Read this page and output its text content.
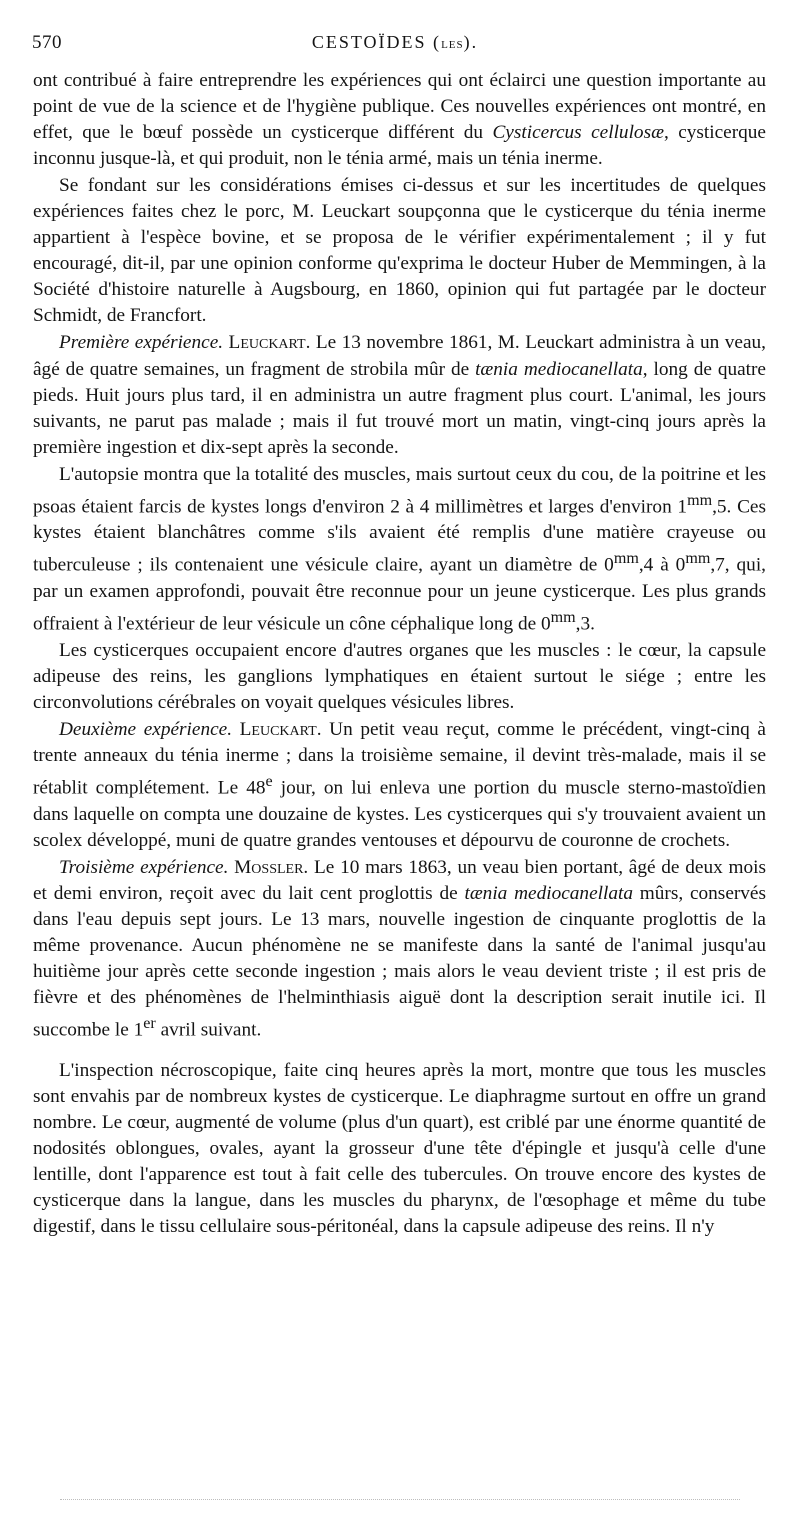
570	CESTOÏDES (les).

ont contribué à faire entreprendre les expériences qui ont éclairci une question importante au point de vue de la science et de l'hygiène publique. Ces nouvelles expériences ont montré, en effet, que le bœuf possède un cysticerque différent du Cysticercus cellulosæ, cysticerque inconnu jusque-là, et qui produit, non le ténia armé, mais un ténia inerme.

Se fondant sur les considérations émises ci-dessus et sur les incertitudes de quelques expériences faites chez le porc, M. Leuckart soupçonna que le cysticerque du ténia inerme appartient à l'espèce bovine, et se proposa de le vérifier expérimentalement ; il y fut encouragé, dit-il, par une opinion conforme qu'exprima le docteur Huber de Memmingen, à la Société d'histoire naturelle à Augsbourg, en 1860, opinion qui fut partagée par le docteur Schmidt, de Francfort.

Première expérience. Leuckart. Le 13 novembre 1861, M. Leuckart administra à un veau, âgé de quatre semaines, un fragment de strobila mûr de tænia mediocanellata, long de quatre pieds. Huit jours plus tard, il en administra un autre fragment plus court. L'animal, les jours suivants, ne parut pas malade ; mais il fut trouvé mort un matin, vingt-cinq jours après la première ingestion et dix-sept après la seconde.

L'autopsie montra que la totalité des muscles, mais surtout ceux du cou, de la poitrine et les psoas étaient farcis de kystes longs d'environ 2 à 4 millimètres et larges d'environ $1^{mm},5$. Ces kystes étaient blanchâtres comme s'ils avaient été remplis d'une matière crayeuse ou tuberculeuse ; ils contenaient une vésicule claire, ayant un diamètre de $0^{mm},4$ à $0^{mm},7$, qui, par un examen approfondi, pouvait être reconnue pour un jeune cysticerque. Les plus grands offraient à l'extérieur de leur vésicule un cône céphalique long de $0^{mm},3$.

Les cysticerques occupaient encore d'autres organes que les muscles : le cœur, la capsule adipeuse des reins, les ganglions lymphatiques en étaient surtout le siége ; entre les circonvolutions cérébrales on voyait quelques vésicules libres.

Deuxième expérience. Leuckart. Un petit veau reçut, comme le précédent, vingt-cinq à trente anneaux du ténia inerme ; dans la troisième semaine, il devint très-malade, mais il se rétablit complétement. Le 48e jour, on lui enleva une portion du muscle sterno-mastoïdien dans laquelle on compta une douzaine de kystes. Les cysticerques qui s'y trouvaient avaient un scolex développé, muni de quatre grandes ventouses et dépourvu de couronne de crochets.

Troisième expérience. Mossler. Le 10 mars 1863, un veau bien portant, âgé de deux mois et demi environ, reçoit avec du lait cent proglottis de tænia mediocanellata mûrs, conservés dans l'eau depuis sept jours. Le 13 mars, nouvelle ingestion de cinquante proglottis de la même provenance. Aucun phénomène ne se manifeste dans la santé de l'animal jusqu'au huitième jour après cette seconde ingestion ; mais alors le veau devient triste ; il est pris de fièvre et des phénomènes de l'helminthiasis aiguë dont la description serait inutile ici. Il succombe le 1er avril suivant.

L'inspection nécroscopique, faite cinq heures après la mort, montre que tous les muscles sont envahis par de nombreux kystes de cysticerque. Le diaphragme surtout en offre un grand nombre. Le cœur, augmenté de volume (plus d'un quart), est criblé par une énorme quantité de nodosités oblongues, ovales, ayant la grosseur d'une tête d'épingle et jusqu'à celle d'une lentille, dont l'apparence est tout à fait celle des tubercules. On trouve encore des kystes de cysticerque dans la langue, dans les muscles du pharynx, de l'œsophage et même du tube digestif, dans le tissu cellulaire sous-péritonéal, dans la capsule adipeuse des reins. Il n'y
